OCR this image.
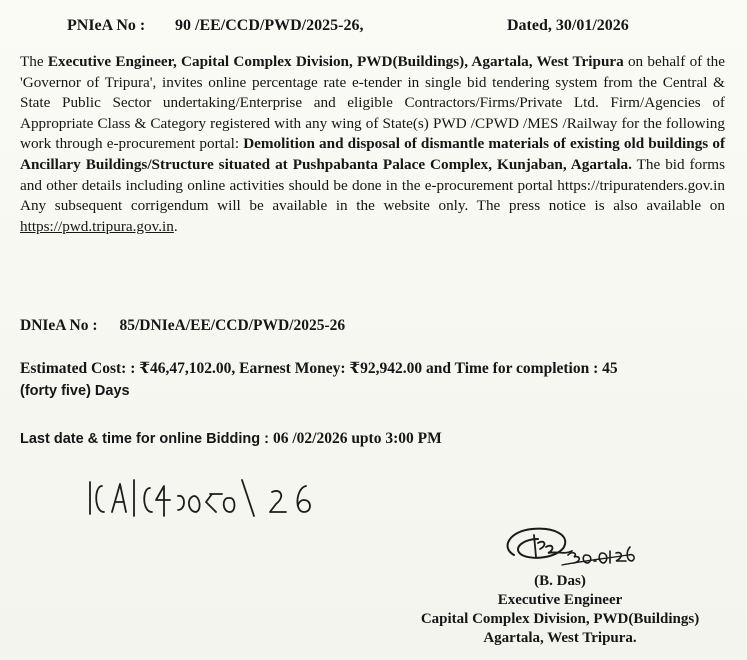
PNIeA No : 90 /EE/CCD/PWD/2025-26,	Dated, 30/01/2026
The Executive Engineer, Capital Complex Division, PWD(Buildings), Agartala, West Tripura on behalf of the 'Governor of Tripura', invites online percentage rate e-tender in single bid tendering system from the Central & State Public Sector undertaking/Enterprise and eligible Contractors/Firms/Private Ltd. Firm/Agencies of Appropriate Class & Category registered with any wing of State(s) PWD /CPWD /MES /Railway for the following work through e-procurement portal: Demolition and disposal of dismantle materials of existing old buildings of Ancillary Buildings/Structure situated at Pushpabanta Palace Complex, Kunjaban, Agartala. The bid forms and other details including online activities should be done in the e-procurement portal https://tripuratenders.gov.in Any subsequent corrigendum will be available in the website only. The press notice is also available on https://pwd.tripura.gov.in.
DNIeA No : 85/DNIeA/EE/CCD/PWD/2025-26
Estimated Cost: : ₹46,47,102.00, Earnest Money: ₹92,942.00 and Time for completion : 45
(forty five) Days
Last date & time for online Bidding : 06 /02/2026 upto 3:00 PM
(B. Das)
Executive Engineer
Capital Complex Division, PWD(Buildings)
Agartala, West Tripura.
